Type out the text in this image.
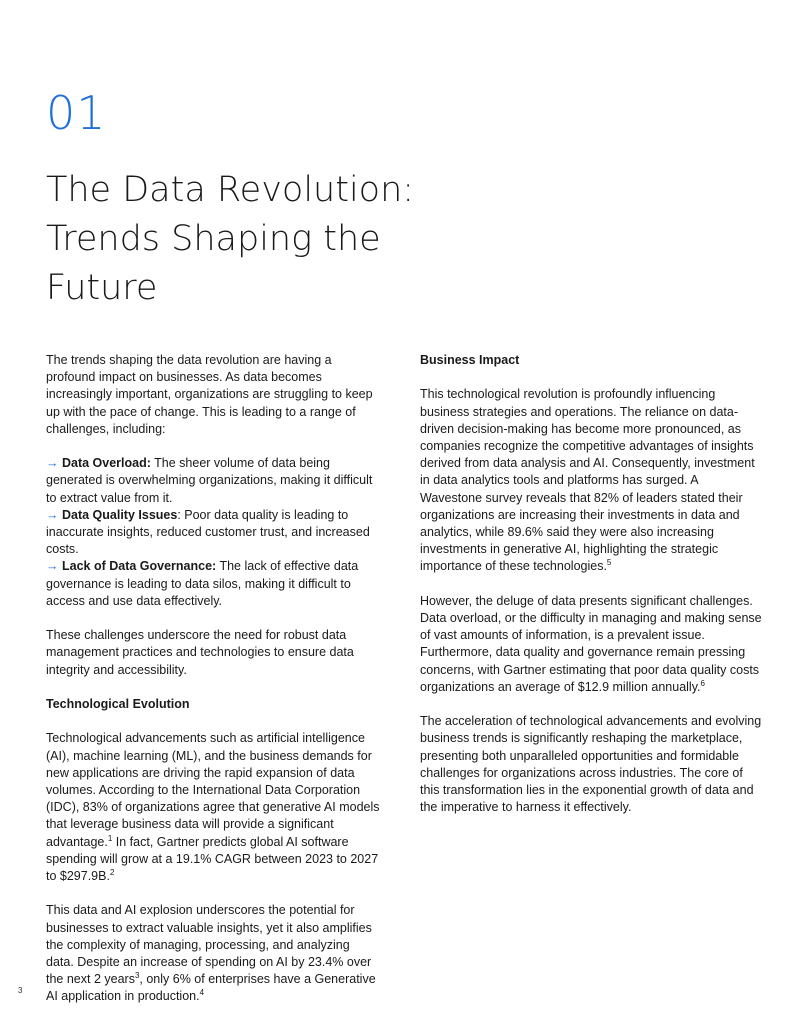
01
The Data Revolution:
Trends Shaping the
Future

The trends shaping the data revolution are having a profound impact on businesses. As data becomes increasingly important, organizations are struggling to keep up with the pace of change. This is leading to a range of challenges, including:

→ Data Overload: The sheer volume of data being generated is overwhelming organizations, making it difficult to extract value from it.
→ Data Quality Issues: Poor data quality is leading to inaccurate insights, reduced customer trust, and increased costs.
→ Lack of Data Governance: The lack of effective data governance is leading to data silos, making it difficult to access and use data effectively.

These challenges underscore the need for robust data management practices and technologies to ensure data integrity and accessibility.

Technological Evolution

Technological advancements such as artificial intelligence (AI), machine learning (ML), and the business demands for new applications are driving the rapid expansion of data volumes. According to the International Data Corporation (IDC), 83% of organizations agree that generative AI models that leverage business data will provide a significant advantage.$^1$ In fact, Gartner predicts global AI software spending will grow at a 19.1% CAGR between 2023 to 2027 to $297.9B.$^2$

This data and AI explosion underscores the potential for businesses to extract valuable insights, yet it also amplifies the complexity of managing, processing, and analyzing data. Despite an increase of spending on AI by 23.4% over the next 2 years$^3$, only 6% of enterprises have a Generative AI application in production.$^4$

Business Impact

This technological revolution is profoundly influencing business strategies and operations. The reliance on data-driven decision-making has become more pronounced, as companies recognize the competitive advantages of insights derived from data analysis and AI. Consequently, investment in data analytics tools and platforms has surged. A Wavestone survey reveals that 82% of leaders stated their organizations are increasing their investments in data and analytics, while 89.6% said they were also increasing investments in generative AI, highlighting the strategic importance of these technologies.$^5$

However, the deluge of data presents significant challenges. Data overload, or the difficulty in managing and making sense of vast amounts of information, is a prevalent issue. Furthermore, data quality and governance remain pressing concerns, with Gartner estimating that poor data quality costs organizations an average of $12.9 million annually.$^6$

The acceleration of technological advancements and evolving business trends is significantly reshaping the marketplace, presenting both unparalleled opportunities and formidable challenges for organizations across industries. The core of this transformation lies in the exponential growth of data and the imperative to harness it effectively.

3
